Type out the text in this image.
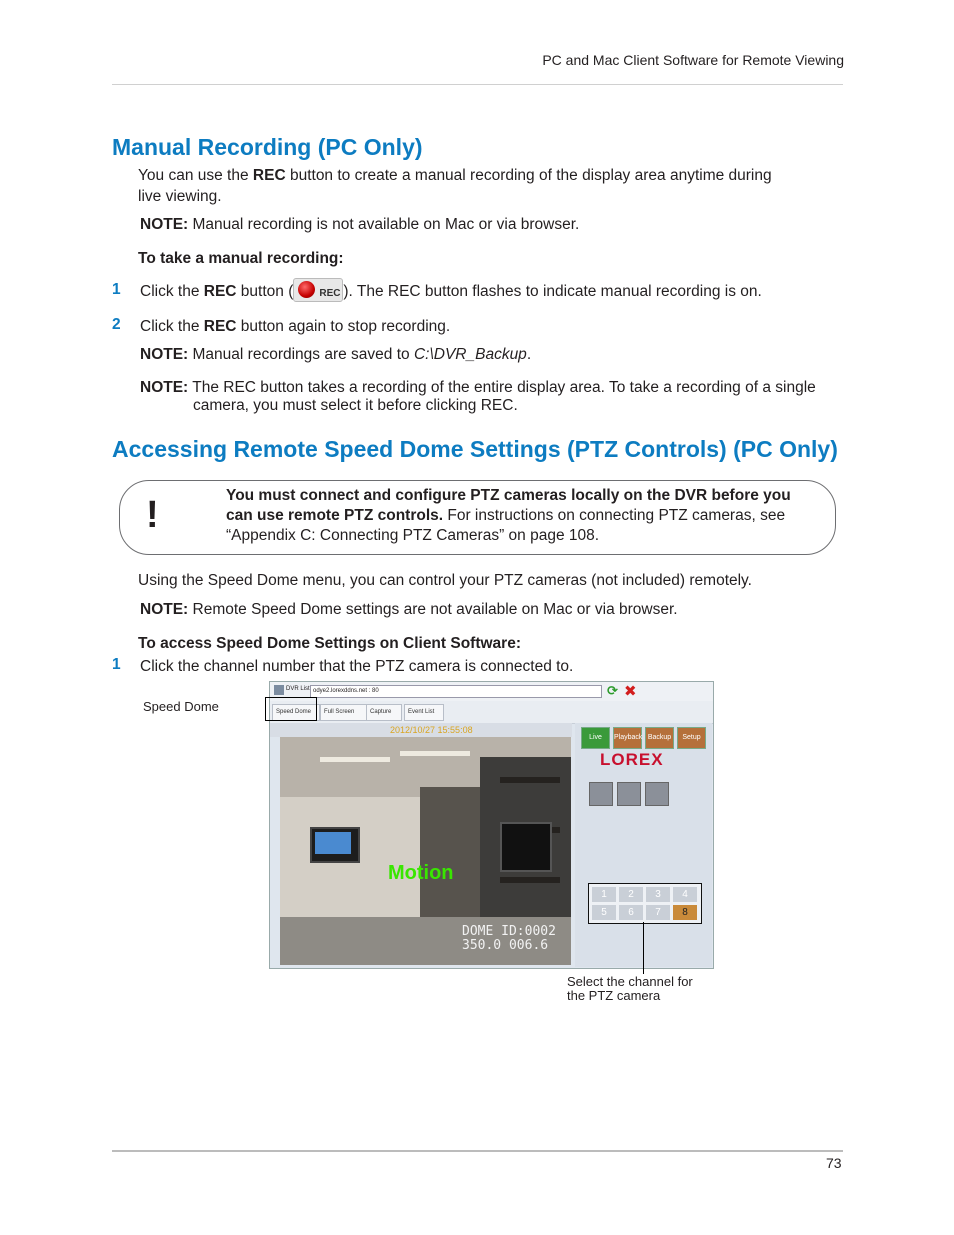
PC and Mac Client Software for Remote Viewing
Manual Recording (PC Only)
You can use the REC button to create a manual recording of the display area anytime during live viewing.
NOTE: Manual recording is not available on Mac or via browser.
To take a manual recording:
1 Click the REC button (	REC ). The REC button flashes to indicate manual recording is on.
2 Click the REC button again to stop recording.
NOTE: Manual recordings are saved to C:\DVR_Backup.
NOTE: The REC button takes a recording of the entire display area. To take a recording of a single camera, you must select it before clicking REC.
Accessing Remote Speed Dome Settings (PTZ Controls) (PC Only)
!	You must connect and configure PTZ cameras locally on the DVR before you can use remote PTZ controls. For instructions on connecting PTZ cameras, see “Appendix C: Connecting PTZ Cameras” on page 108.
Using the Speed Dome menu, you can control your PTZ cameras (not included) remotely.
NOTE: Remote Speed Dome settings are not available on Mac or via browser.
To access Speed Dome Settings on Client Software:
1 Click the channel number that the PTZ camera is connected to.
DVR List odye2.lorexddns.net : 80	⟳ ✖
Speed Dome	Full Screen	Capture	Event List
2012/10/27 15:55:08
Motion
DOME ID:0002
350.0 006.6
Live	Playback Backup	Setup
LOREX
1	2	3	4
5	6	7	8
Speed Dome
Select the channel for the PTZ camera
73
